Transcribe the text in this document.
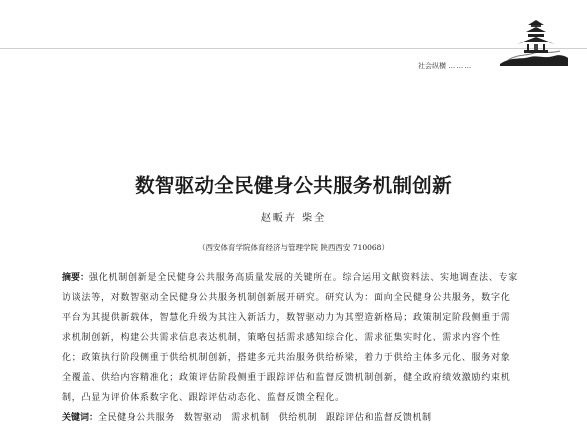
社会纵横 ………
数智驱动全民健身公共服务机制创新
赵畈卉 柴全
（西安体育学院体育经济与管理学院 陕西西安 710068）

摘要：强化机制创新是全民健身公共服务高质量发展的关键所在。综合运用文献资料法、实地调查法、专家访谈法等，对数智驱动全民健身公共服务机制创新展开研究。研究认为：面向全民健身公共服务，数字化平台为其提供新载体，智慧化升级为其注入新活力，数智驱动力为其塑造新格局；政策制定阶段侧重于需求机制创新，构建公共需求信息表达机制，策略包括需求感知综合化、需求征集实时化、需求内容个性化；政策执行阶段侧重于供给机制创新，搭建多元共治服务供给桥梁，着力于供给主体多元化、服务对象全覆盖、供给内容精准化；政策评估阶段侧重于跟踪评估和监督反馈机制创新，健全政府绩效激励约束机制，凸显为评价体系数字化、跟踪评估动态化、监督反馈全程化。

关键词：全民健身公共服务 数智驱动 需求机制 供给机制 跟踪评估和监督反馈机制
